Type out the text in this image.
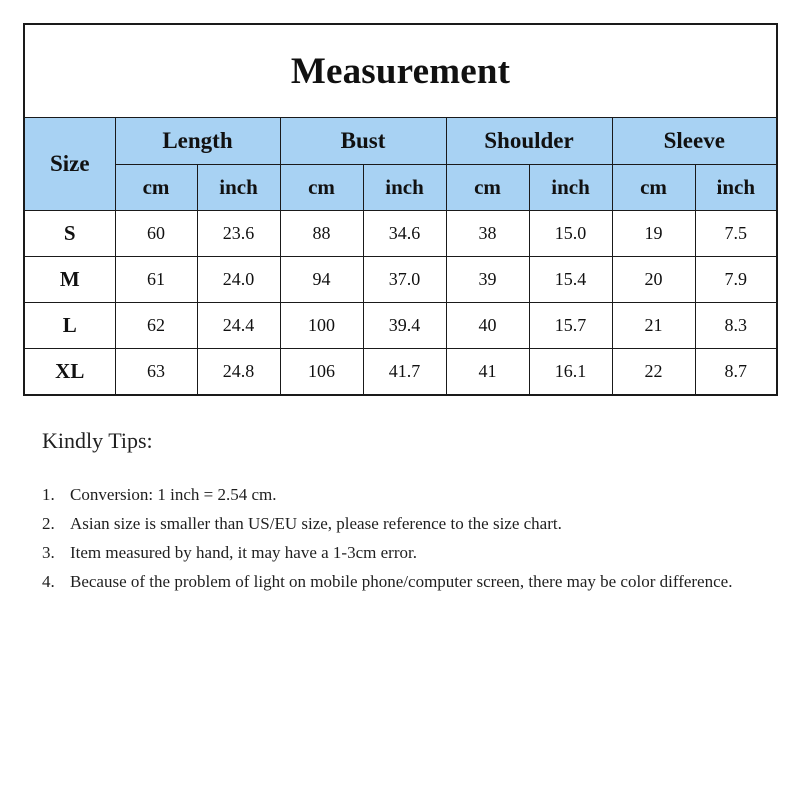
Measurement								
Size	Length		Bust		Shoulder		Sleeve	
	cm	inch	cm	inch	cm	inch	cm	inch
S	60	23.6	88	34.6	38	15.0	19	7.5
M	61	24.0	94	37.0	39	15.4	20	7.9
L	62	24.4	100	39.4	40	15.7	21	8.3
XL	63	24.8	106	41.7	41	16.1	22	8.7
Kindly Tips:
1. Conversion: 1 inch = 2.54 cm.
2. Asian size is smaller than US/EU size, please reference to the size chart.
3. Item measured by hand, it may have a 1-3cm error.
4. Because of the problem of light on mobile phone/computer screen, there may be color difference.
